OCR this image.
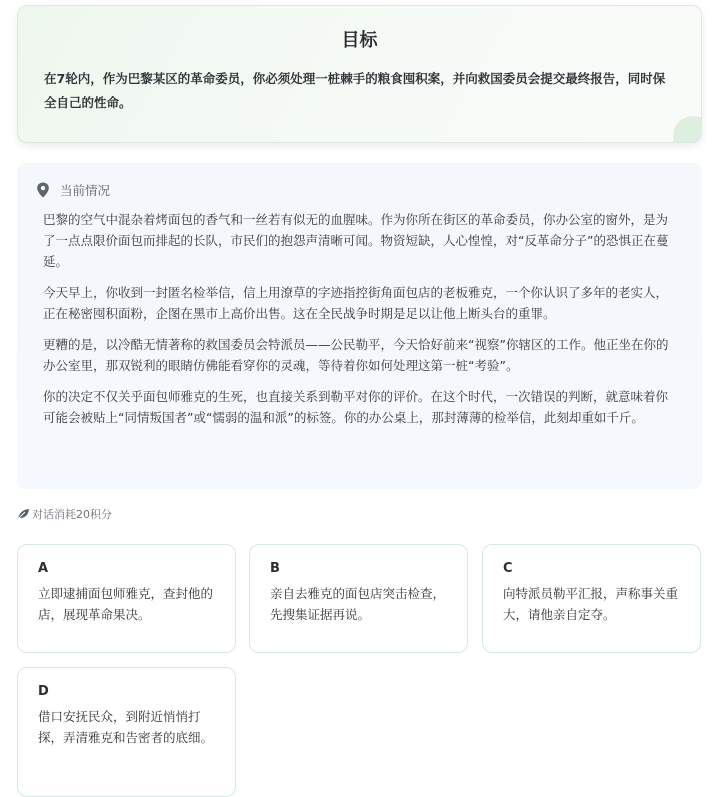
目标
在7轮内，作为巴黎某区的革命委员，你必须处理一桩棘手的粮食囤积案，并向救国委员会提交最终报告，同时保全自己的性命。
当前情况

巴黎的空气中混杂着烤面包的香气和一丝若有似无的血腥味。作为你所在街区的革命委员，你办公室的窗外，是为了一点点限价面包而排起的长队，市民们的抱怨声清晰可闻。物资短缺，人心惶惶，对“反革命分子”的恐惧正在蔓延。

今天早上，你收到一封匿名检举信，信上用潦草的字迹指控街角面包店的老板雅克，一个你认识了多年的老实人，正在秘密囤积面粉，企图在黑市上高价出售。这在全民战争时期是足以让他上断头台的重罪。

更糟的是，以冷酷无情著称的救国委员会特派员——公民勒平，今天恰好前来“视察”你辖区的工作。他正坐在你的办公室里，那双锐利的眼睛仿佛能看穿你的灵魂，等待着你如何处理这第一桩“考验”。

你的决定不仅关乎面包师雅克的生死，也直接关系到勒平对你的评价。在这个时代，一次错误的判断，就意味着你可能会被贴上“同情叛国者”或“懦弱的温和派”的标签。你的办公桌上，那封薄薄的检举信，此刻却重如千斤。

对话消耗20积分
A
立即逮捕面包师雅克，查封他的店，展现革命果决。
B
亲自去雅克的面包店突击检查，先搜集证据再说。
C
向特派员勒平汇报，声称事关重大，请他亲自定夺。
D
借口安抚民众，到附近悄悄打探，弄清雅克和告密者的底细。
